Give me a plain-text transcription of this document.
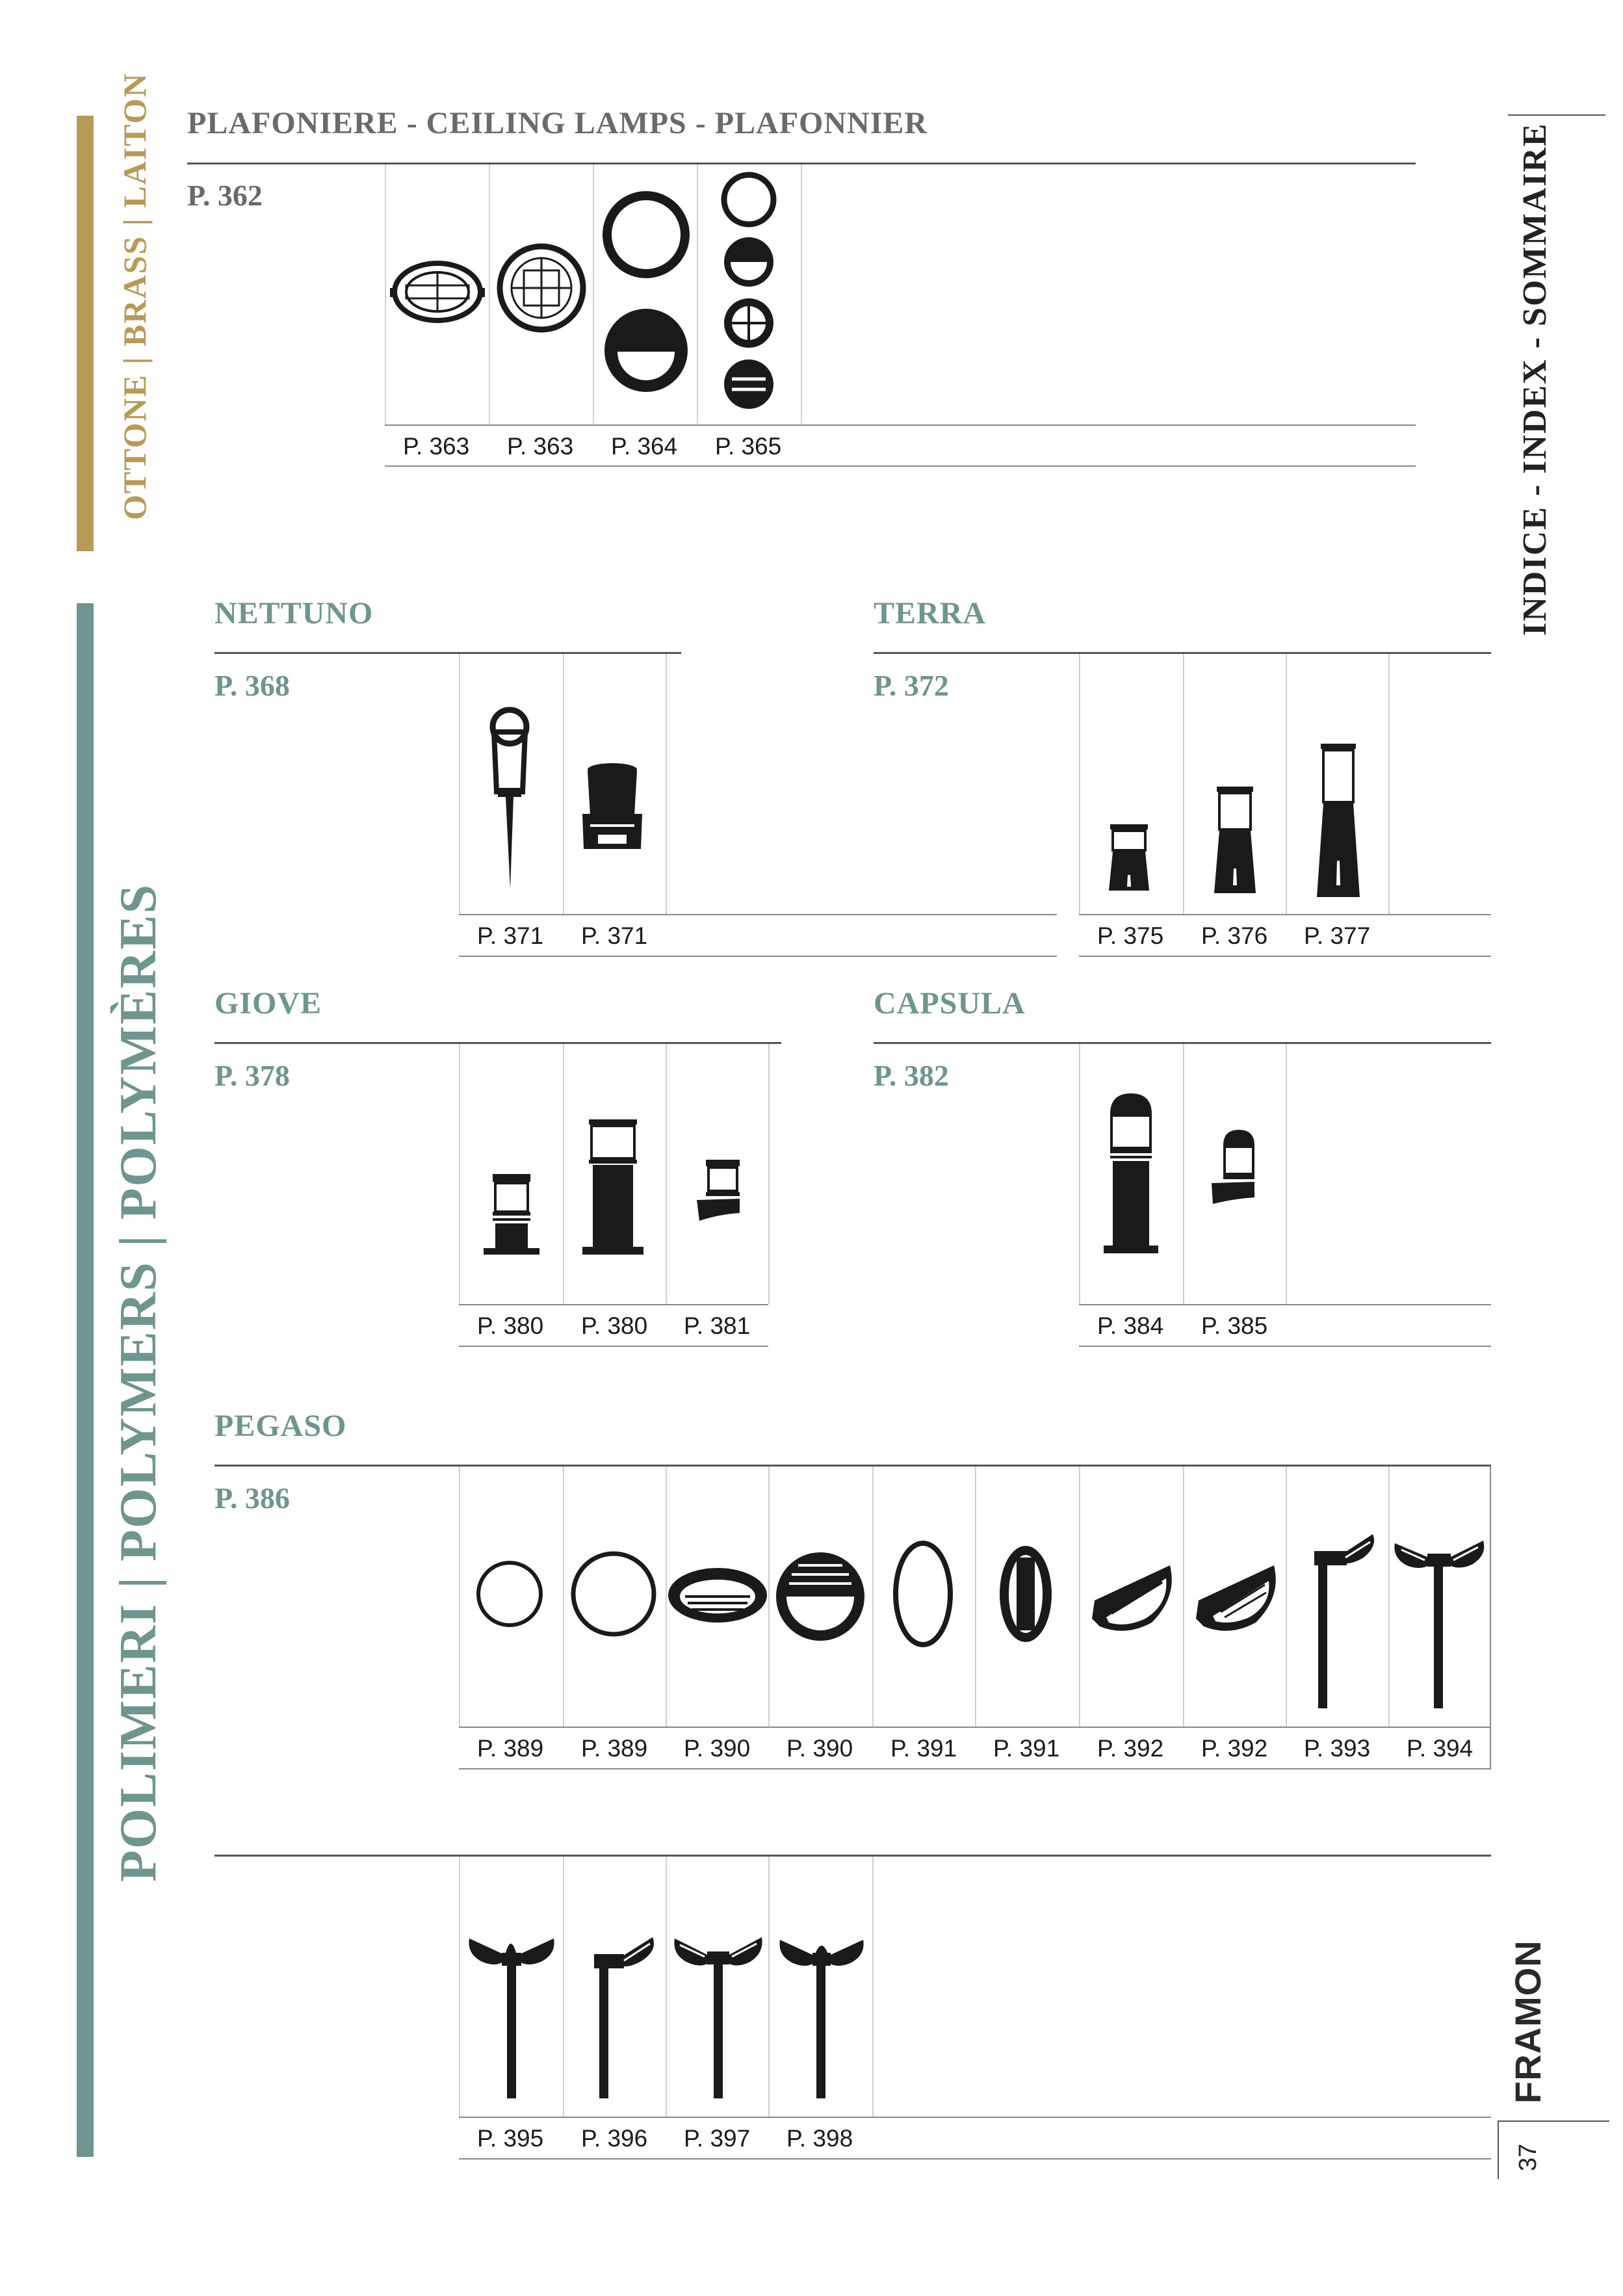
OTTONE | BRASS | LAITON
POLIMERI | POLYMERS | POLYMÈRES
INDICE - INDEX - SOMMAIRE
FRAMON
37
PLAFONIERE - CEILING LAMPS - PLAFONNIER
P. 362
P. 363 P. 363 P. 364 P. 365
NETTUNO
P. 368
P. 371 P. 371
TERRA
P. 372
P. 375 P. 376 P. 377
GIOVE
P. 378
P. 380 P. 380 P. 381
CAPSULA
P. 382
P. 384 P. 385
PEGASO
P. 386
P. 389 P. 389 P. 390 P. 390 P. 391 P. 391 P. 392 P. 392 P. 393 P. 394
P. 395 P. 396 P. 397 P. 398
